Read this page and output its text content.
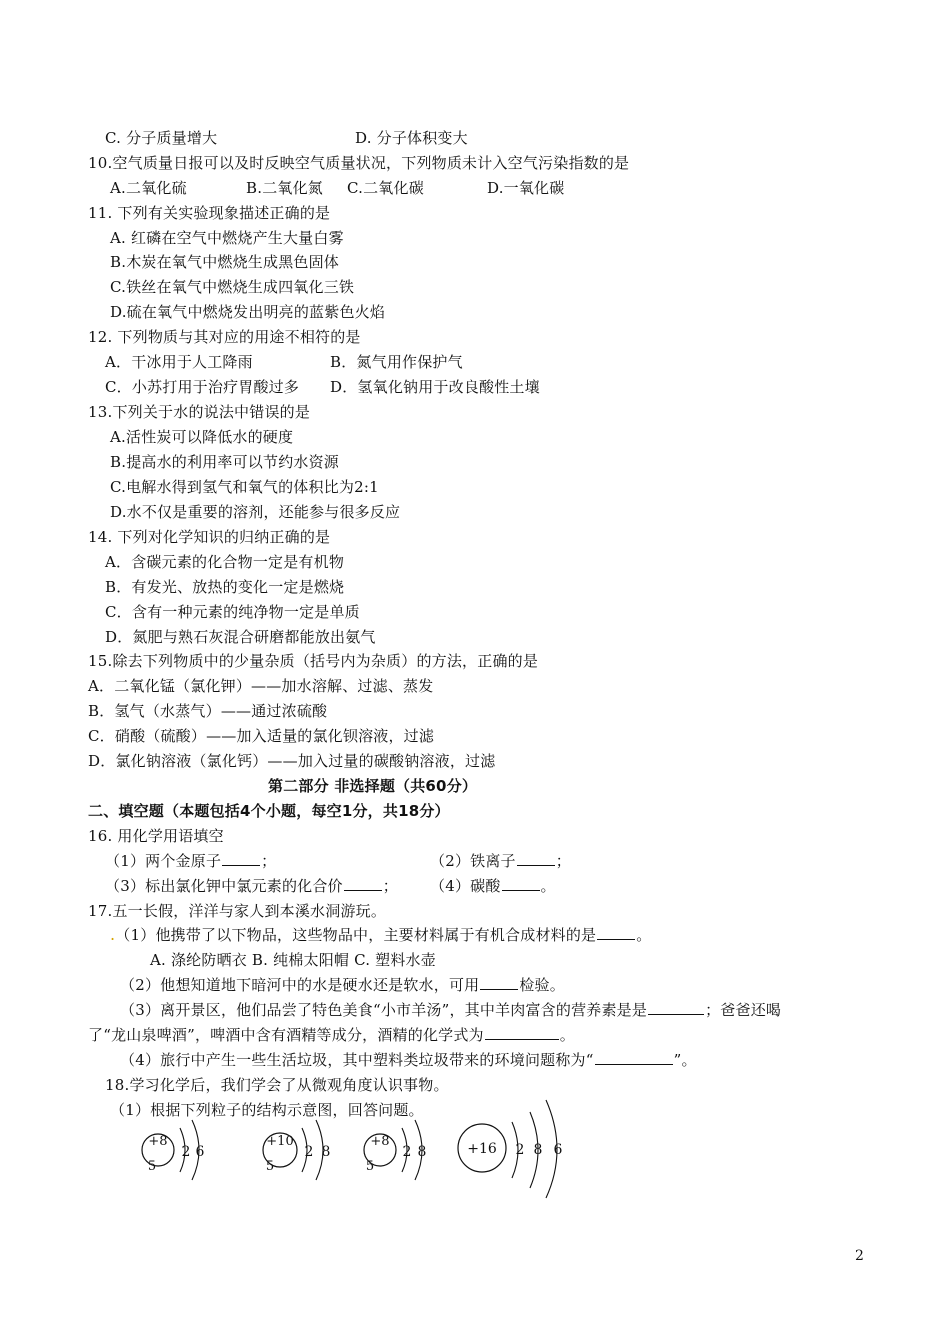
C. 分子质量增大	D. 分子体积变大
10.空气质量日报可以及时反映空气质量状况，下列物质未计入空气污染指数的是
A.二氧化硫	B.二氧化氮 C.二氧化碳	D.一氧化碳
11. 下列有关实验现象描述正确的是
A. 红磷在空气中燃烧产生大量白雾
B.木炭在氧气中燃烧生成黑色固体
C.铁丝在氧气中燃烧生成四氧化三铁
D.硫在氧气中燃烧发出明亮的蓝紫色火焰
12. 下列物质与其对应的用途不相符的是
A．干冰用于人工降雨	B．氮气用作保护气
C．小苏打用于治疗胃酸过多 D．氢氧化钠用于改良酸性土壤
13.下列关于水的说法中错误的是
A.活性炭可以降低水的硬度
B.提高水的利用率可以节约水资源
C.电解水得到氢气和氧气的体积比为2:1
D.水不仅是重要的溶剂，还能参与很多反应
14. 下列对化学知识的归纳正确的是
A．含碳元素的化合物一定是有机物
B．有发光、放热的变化一定是燃烧
C．含有一种元素的纯净物一定是单质
D．氮肥与熟石灰混合研磨都能放出氨气
15.除去下列物质中的少量杂质（括号内为杂质）的方法，正确的是
A．二氧化锰（氯化钾）——加水溶解、过滤、蒸发
B．氢气（水蒸气）——通过浓硫酸
C．硝酸（硫酸）——加入适量的氯化钡溶液，过滤
D．氯化钠溶液（氯化钙）——加入过量的碳酸钠溶液，过滤
第二部分 非选择题（共60分）
二、填空题（本题包括4个小题，每空1分，共18分）
16. 用化学用语填空
（1）两个金原子	；	（2）铁离子	；
（3）标出氯化钾中氯元素的化合价	； （4）碳酸	。
17.五一长假，洋洋与家人到本溪水洞游玩。
.（1）他携带了以下物品，这些物品中，主要材料属于有机合成材料的是	。
A. 涤纶防晒衣 B. 纯棉太阳帽 C. 塑料水壶
（2）他想知道地下暗河中的水是硬水还是软水，可用	检验。
（3）离开景区，他们品尝了特色美食“小市羊汤”，其中羊肉富含的营养素是是	；爸爸还喝
了“龙山泉啤酒”，啤酒中含有酒精等成分，酒精的化学式为	。
（4）旅行中产生一些生活垃圾，其中塑料类垃圾带来的环境问题称为“	”。
18.学习化学后，我们学会了从微观角度认识事物。
（1）根据下列粒子的结构示意图，回答问题。
+8
5
2 6
+10
5
2 8
+8
5
2 8	+16 2 8 6
2
